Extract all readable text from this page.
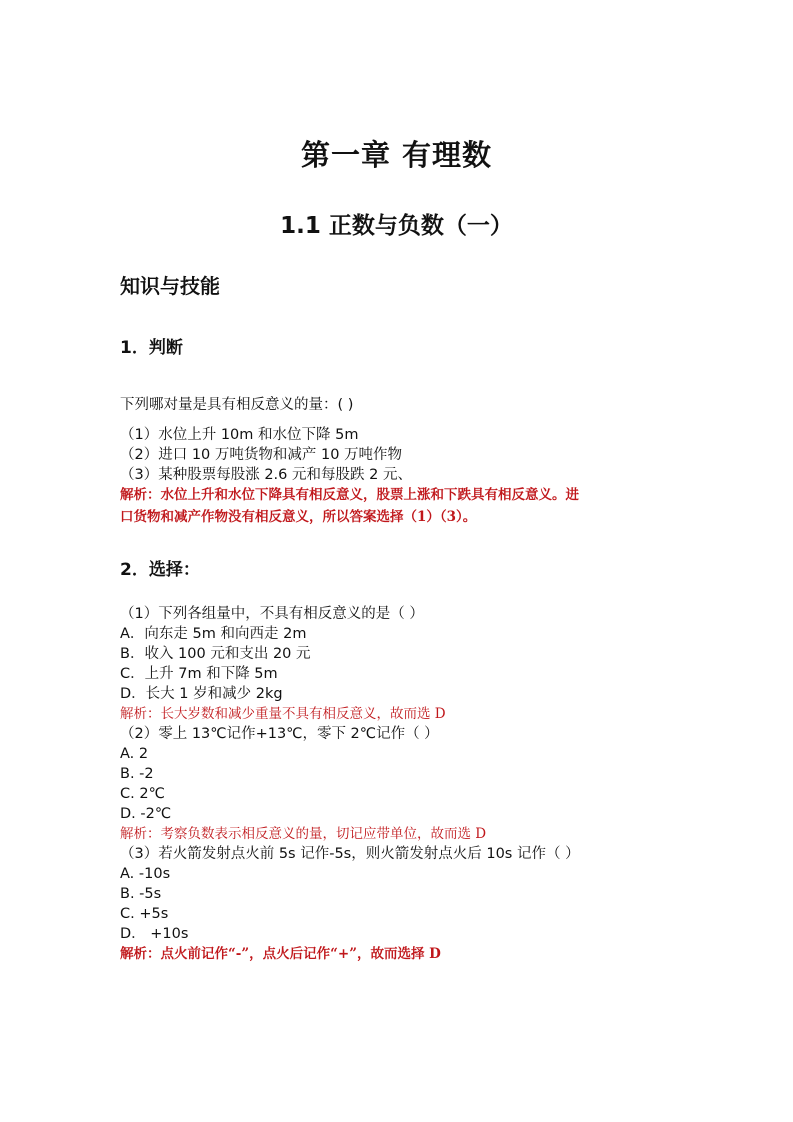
第一章 有理数
1.1 正数与负数（一）
知识与技能
1．判断
下列哪对量是具有相反意义的量：( )
（1）水位上升 10m 和水位下降 5m
（2）进口 10 万吨货物和减产 10 万吨作物
（3）某种股票每股涨 2.6 元和每股跌 2 元、
解析：水位上升和水位下降具有相反意义，股票上涨和下跌具有相反意义。进
口货物和减产作物没有相反意义，所以答案选择（1）（3）。
2．选择：
（1）下列各组量中，不具有相反意义的是（ ）
A．向东走 5m 和向西走 2m
B．收入 100 元和支出 20 元
C．上升 7m 和下降 5m
D．长大 1 岁和减少 2kg
解析：长大岁数和减少重量不具有相反意义，故而选 D
（2）零上 13℃记作+13℃，零下 2℃记作（ ）
A. 2
B. -2
C. 2℃
D. -2℃
解析：考察负数表示相反意义的量，切记应带单位，故而选 D
（3）若火箭发射点火前 5s 记作-5s，则火箭发射点火后 10s 记作（ ）
A. -10s
B. -5s
C. +5s
D． +10s
解析：点火前记作“-”，点火后记作“+”，故而选择 D
